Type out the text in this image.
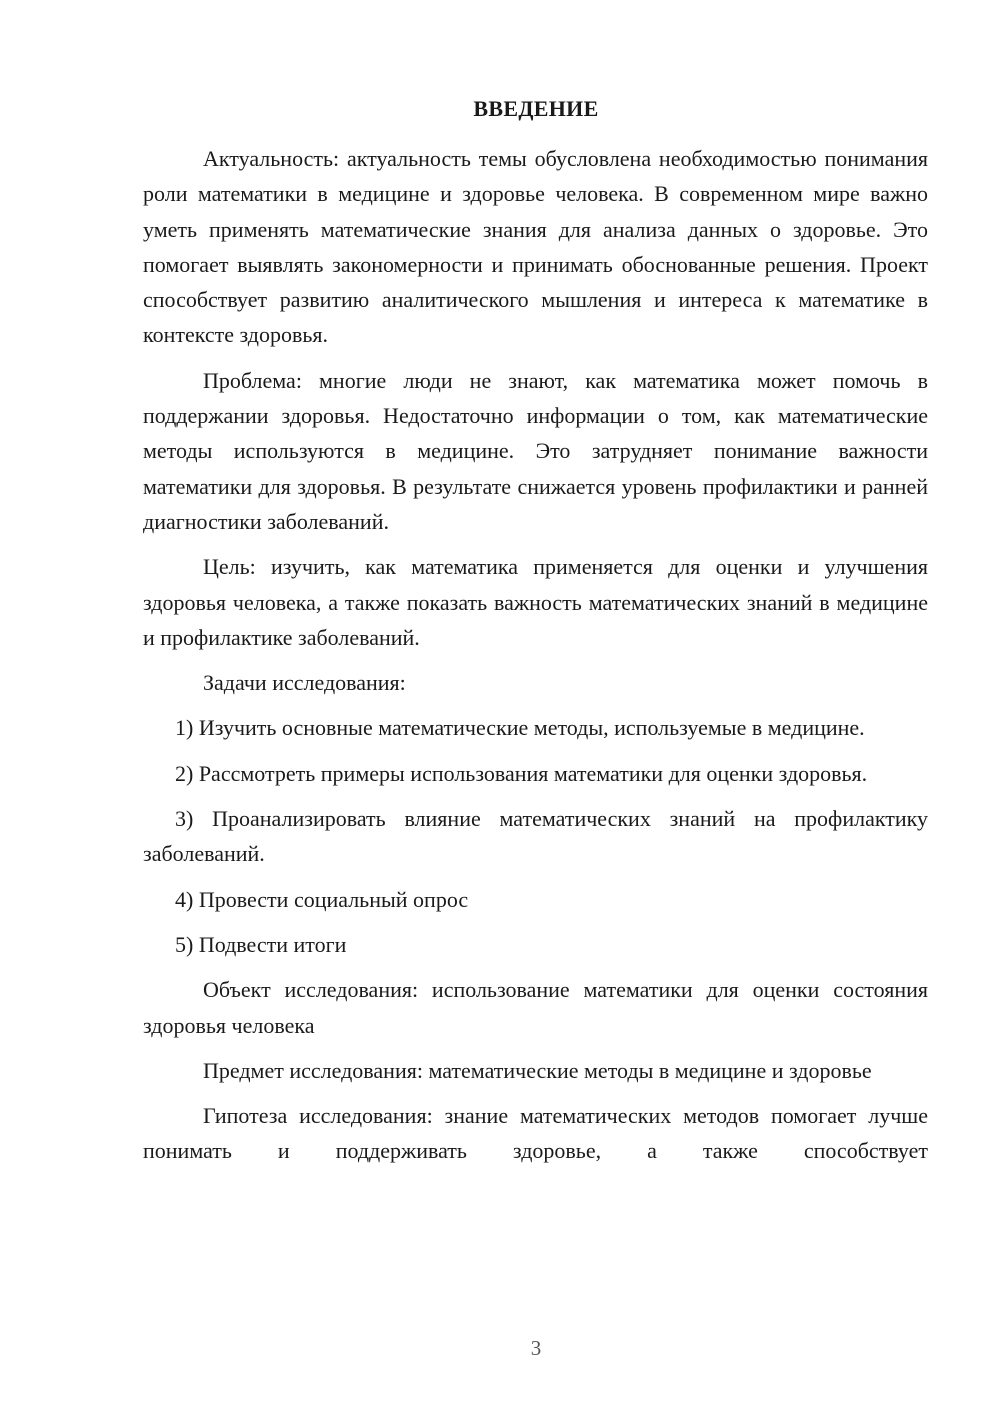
ВВЕДЕНИЕ

Актуальность: актуальность темы обусловлена необходимостью понимания роли математики в медицине и здоровье человека. В современном мире важно уметь применять математические знания для анализа данных о здоровье. Это помогает выявлять закономерности и принимать обоснованные решения. Проект способствует развитию аналитического мышления и интереса к математике в контексте здоровья.

Проблема: многие люди не знают, как математика может помочь в поддержании здоровья. Недостаточно информации о том, как математические методы используются в медицине. Это затрудняет понимание важности математики для здоровья. В результате снижается уровень профилактики и ранней диагностики заболеваний.

Цель: изучить, как математика применяется для оценки и улучшения здоровья человека, а также показать важность математических знаний в медицине и профилактике заболеваний.

Задачи исследования:

1) Изучить основные математические методы, используемые в медицине.

2) Рассмотреть примеры использования математики для оценки здоровья.

3) Проанализировать влияние математических знаний на профилактику заболеваний.

4) Провести социальный опрос

5) Подвести итоги

Объект исследования: использование математики для оценки состояния здоровья человека

Предмет исследования: математические методы в медицине и здоровье

Гипотеза исследования: знание математических методов помогает лучше понимать и поддерживать здоровье, а также способствует

3
